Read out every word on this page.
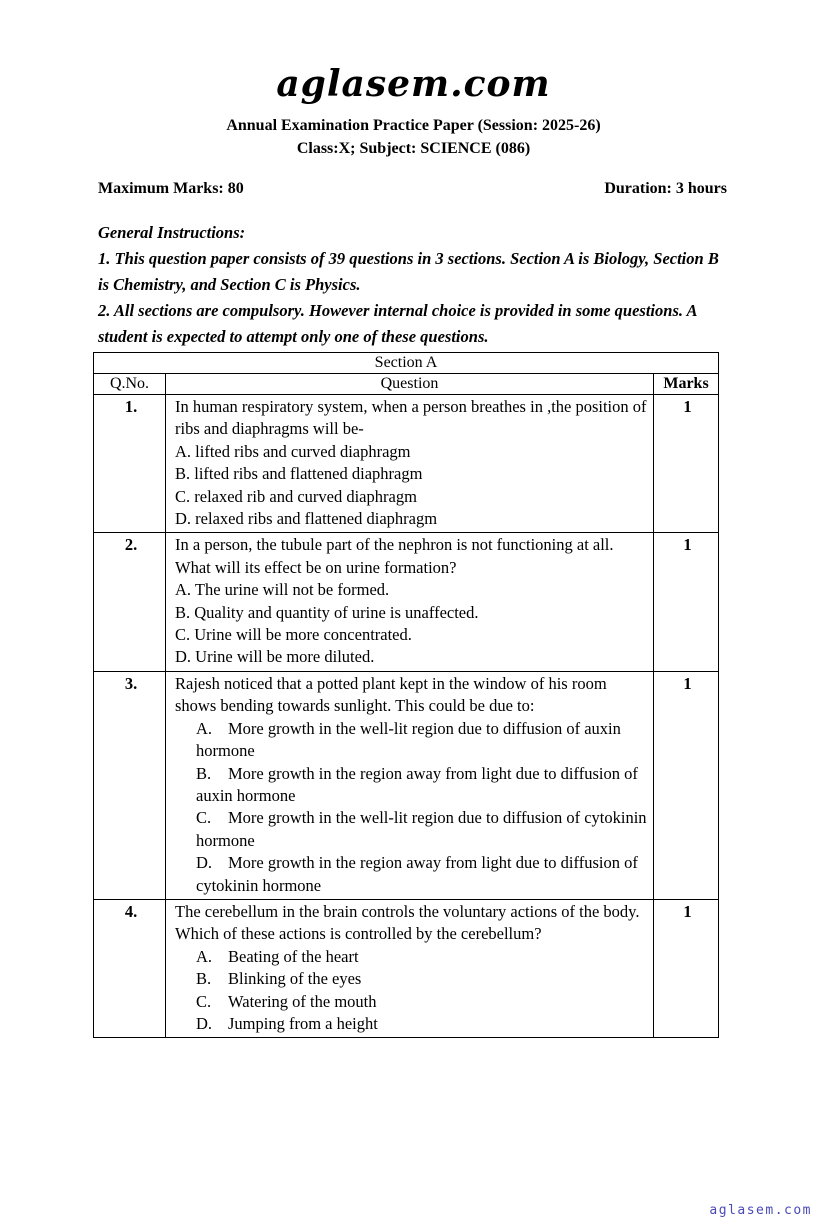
aglasem.com
Annual Examination Practice Paper (Session: 2025-26)
Class:X; Subject: SCIENCE (086)
Maximum Marks: 80	Duration: 3 hours
General Instructions:
1. This question paper consists of 39 questions in 3 sections. Section A is Biology, Section B is Chemistry, and Section C is Physics.
2. All sections are compulsory. However internal choice is provided in some questions. A student is expected to attempt only one of these questions.
Section A		
Q.No.	Question	Marks
1.	In human respiratory system, when a person breathes in ,the position of ribs and diaphragms will be-
A. lifted ribs and curved diaphragm
B. lifted ribs and flattened diaphragm
C. relaxed rib and curved diaphragm
D. relaxed ribs and flattened diaphragm	1
2.	In a person, the tubule part of the nephron is not functioning at all. What will its effect be on urine formation?
A. The urine will not be formed.
B. Quality and quantity of urine is unaffected.
C. Urine will be more concentrated.
D. Urine will be more diluted.	1
3.	Rajesh noticed that a potted plant kept in the window of his room shows bending towards sunlight. This could be due to:
A. More growth in the well-lit region due to diffusion of auxin hormone
B. More growth in the region away from light due to diffusion of auxin hormone
C. More growth in the well-lit region due to diffusion of cytokinin hormone
D. More growth in the region away from light due to diffusion of cytokinin hormone	1
4.	The cerebellum in the brain controls the voluntary actions of the body. Which of these actions is controlled by the cerebellum?
A. Beating of the heart
B. Blinking of the eyes
C. Watering of the mouth
D. Jumping from a height	1
aglasem.com
